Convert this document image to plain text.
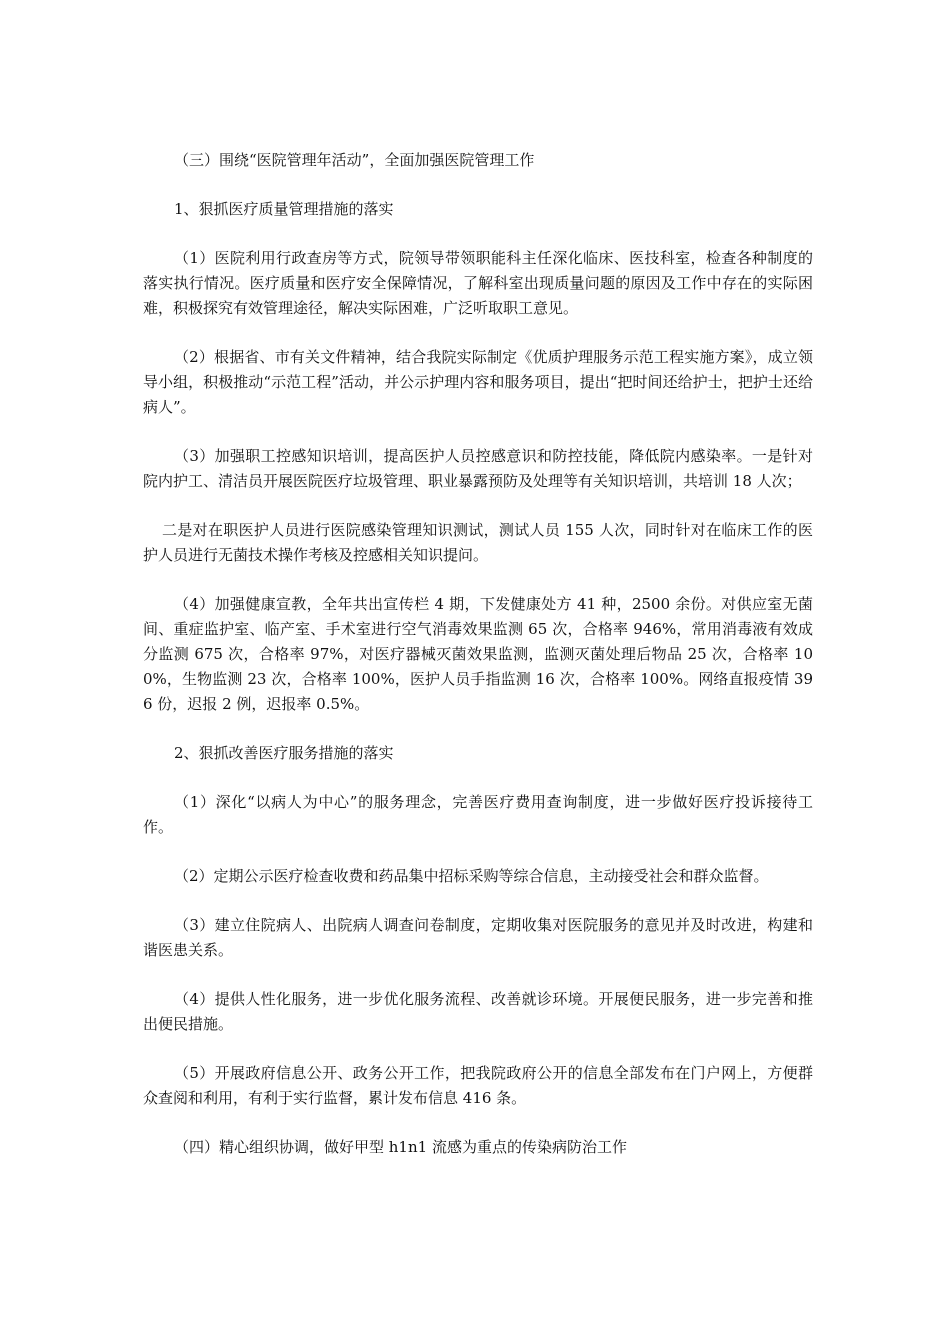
（三）围绕“医院管理年活动”，全面加强医院管理工作

1、狠抓医疗质量管理措施的落实

（1）医院利用行政查房等方式，院领导带领职能科主任深化临床、医技科室，检查各种制度的落实执行情况。医疗质量和医疗安全保障情况，了解科室出现质量问题的原因及工作中存在的实际困难，积极探究有效管理途径，解决实际困难，广泛听取职工意见。

（2）根据省、市有关文件精神，结合我院实际制定《优质护理服务示范工程实施方案》，成立领导小组，积极推动“示范工程”活动，并公示护理内容和服务项目，提出“把时间还给护士，把护士还给病人”。

（3）加强职工控感知识培训，提高医护人员控感意识和防控技能，降低院内感染率。一是针对院内护工、清洁员开展医院医疗垃圾管理、职业暴露预防及处理等有关知识培训，共培训 18 人次；

二是对在职医护人员进行医院感染管理知识测试，测试人员 155 人次，同时针对在临床工作的医护人员进行无菌技术操作考核及控感相关知识提问。

（4）加强健康宣教，全年共出宣传栏 4 期，下发健康处方 41 种，2500 余份。对供应室无菌间、重症监护室、临产室、手术室进行空气消毒效果监测 65 次，合格率 946%，常用消毒液有效成分监测 675 次，合格率 97%，对医疗器械灭菌效果监测，监测灭菌处理后物品 25 次，合格率 100%，生物监测 23 次，合格率 100%，医护人员手指监测 16 次，合格率 100%。网络直报疫情 396 份，迟报 2 例，迟报率 0.5%。

2、狠抓改善医疗服务措施的落实

（1）深化“以病人为中心”的服务理念，完善医疗费用查询制度，进一步做好医疗投诉接待工作。

（2）定期公示医疗检查收费和药品集中招标采购等综合信息，主动接受社会和群众监督。

（3）建立住院病人、出院病人调查问卷制度，定期收集对医院服务的意见并及时改进，构建和谐医患关系。

（4）提供人性化服务，进一步优化服务流程、改善就诊环境。开展便民服务，进一步完善和推出便民措施。

（5）开展政府信息公开、政务公开工作，把我院政府公开的信息全部发布在门户网上，方便群众查阅和利用，有利于实行监督，累计发布信息 416 条。

（四）精心组织协调，做好甲型 h1n1 流感为重点的传染病防治工作
